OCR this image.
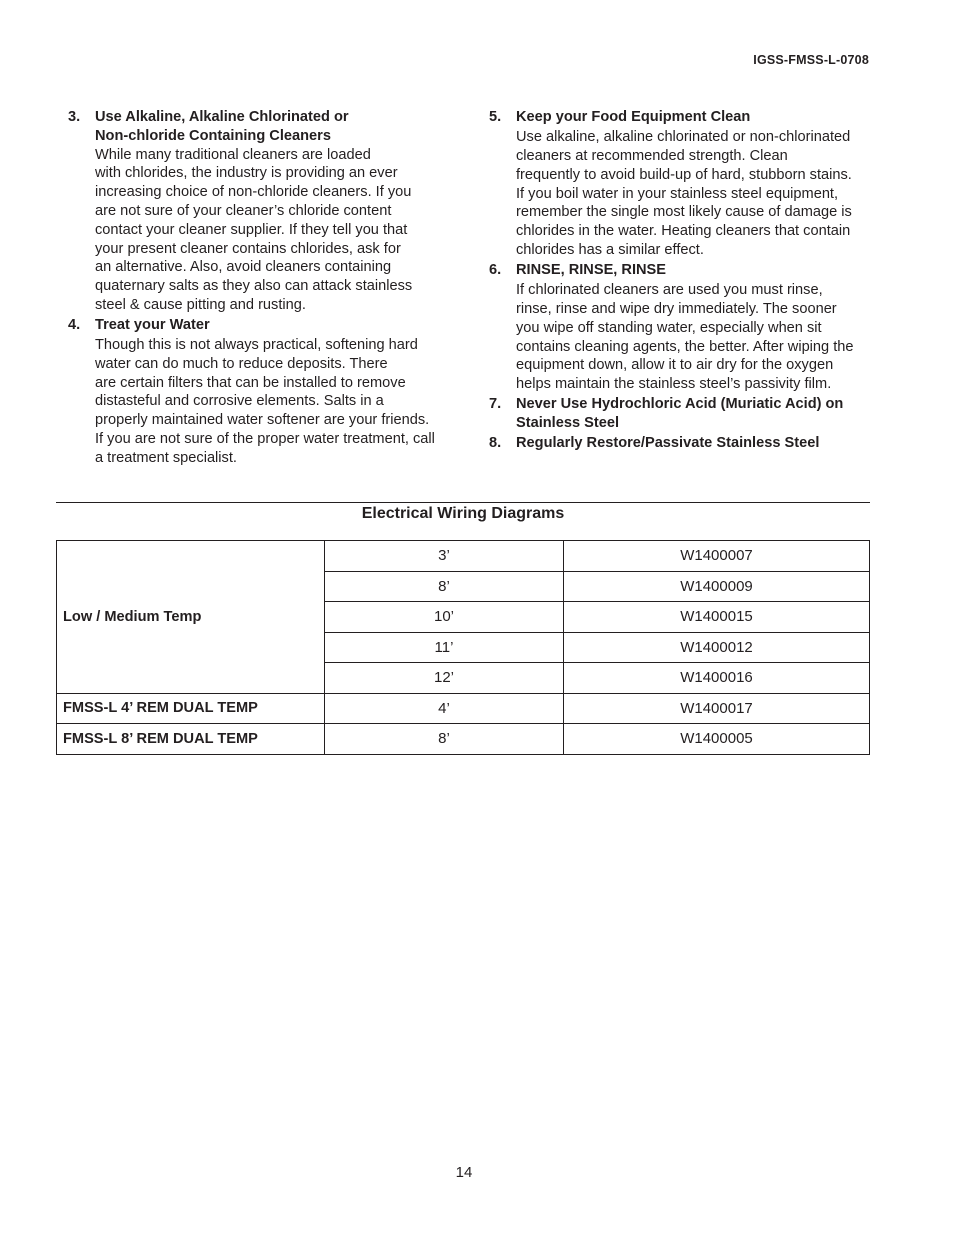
IGSS-FMSS-L-0708
3. Use Alkaline, Alkaline Chlorinated or
Non-chloride Containing Cleaners
While many traditional cleaners are loaded
with chlorides, the industry is providing an ever
increasing choice of non-chloride cleaners. If you
are not sure of your cleaner’s chloride content
contact your cleaner supplier. If they tell you that
your present cleaner contains chlorides, ask for
an alternative. Also, avoid cleaners containing
quaternary salts as they also can attack stainless
steel & cause pitting and rusting.
4. Treat your Water
Though this is not always practical, softening hard
water can do much to reduce deposits. There
are certain filters that can be installed to remove
distasteful and corrosive elements. Salts in a
properly maintained water softener are your friends.
If you are not sure of the proper water treatment, call
a treatment specialist.
5. Keep your Food Equipment Clean
Use alkaline, alkaline chlorinated or non-chlorinated
cleaners at recommended strength. Clean
frequently to avoid build-up of hard, stubborn stains.
If you boil water in your stainless steel equipment,
remember the single most likely cause of damage is
chlorides in the water. Heating cleaners that contain
chlorides has a similar effect.
6. RINSE, RINSE, RINSE
If chlorinated cleaners are used you must rinse,
rinse, rinse and wipe dry immediately. The sooner
you wipe off standing water, especially when sit
contains cleaning agents, the better. After wiping the
equipment down, allow it to air dry for the oxygen
helps maintain the stainless steel’s passivity film.
7. Never Use Hydrochloric Acid (Muriatic Acid) on
Stainless Steel
8. Regularly Restore/Passivate Stainless Steel
Electrical Wiring Diagrams
Low / Medium Temp	3’	W1400007
	8’	W1400009
	10’	W1400015
	11’	W1400012
	12’	W1400016
FMSS-L 4’ REM DUAL TEMP	4’	W1400017
FMSS-L 8’ REM DUAL TEMP	8’	W1400005
14
